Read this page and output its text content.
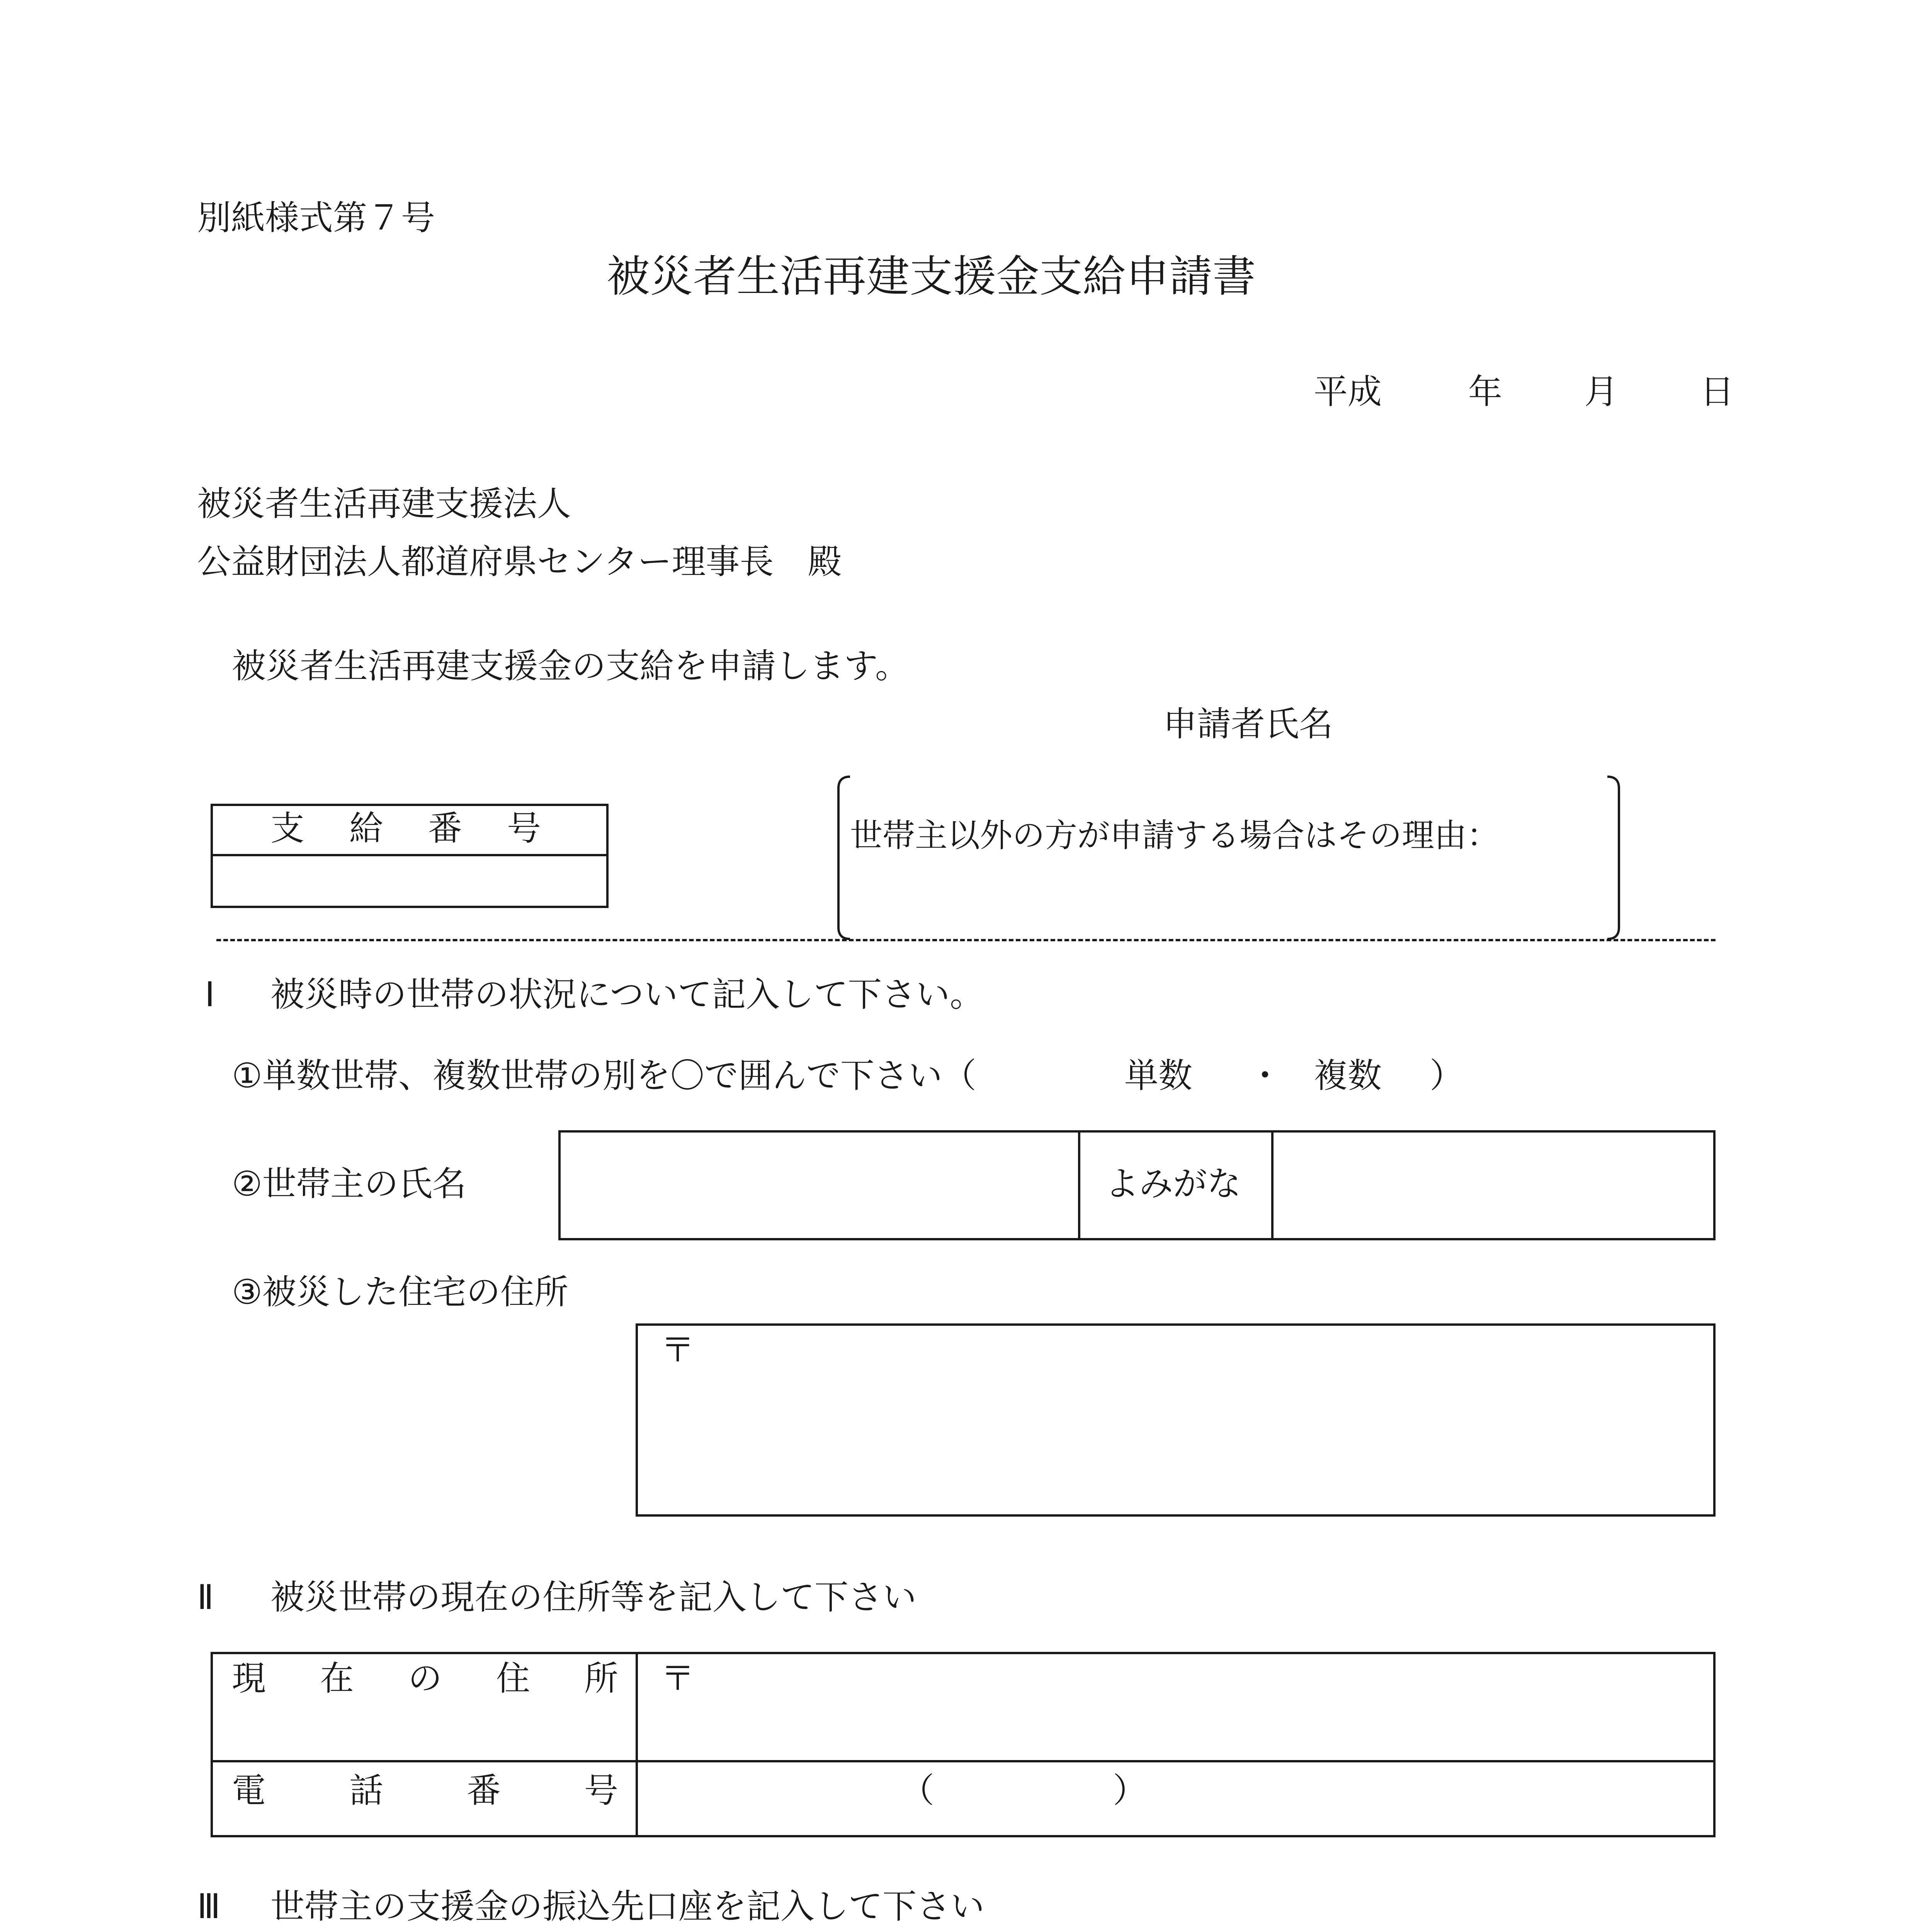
別紙様式第７号
被災者生活再建支援金支給申請書
平成	年 月 日
被災者生活再建支援法人
公益財団法人都道府県センター理事長　殿
被災者生活再建支援金の支給を申請します。
申請者氏名
支 給 番 号	世帯主以外の方が申請する場合はその理由：
Ⅰ 被災時の世帯の状況について記入して下さい。
①単数世帯、複数世帯の別を〇で囲んで下さい（	単数 ・ 複数 ）
②世帯主の氏名	よみがな
③被災した住宅の住所
〒
Ⅱ 被災世帯の現在の住所等を記入して下さい
現 在 の 住 所 〒
電 話 番 号	（	）
Ⅲ 世帯主の支援金の振込先口座を記入して下さい
